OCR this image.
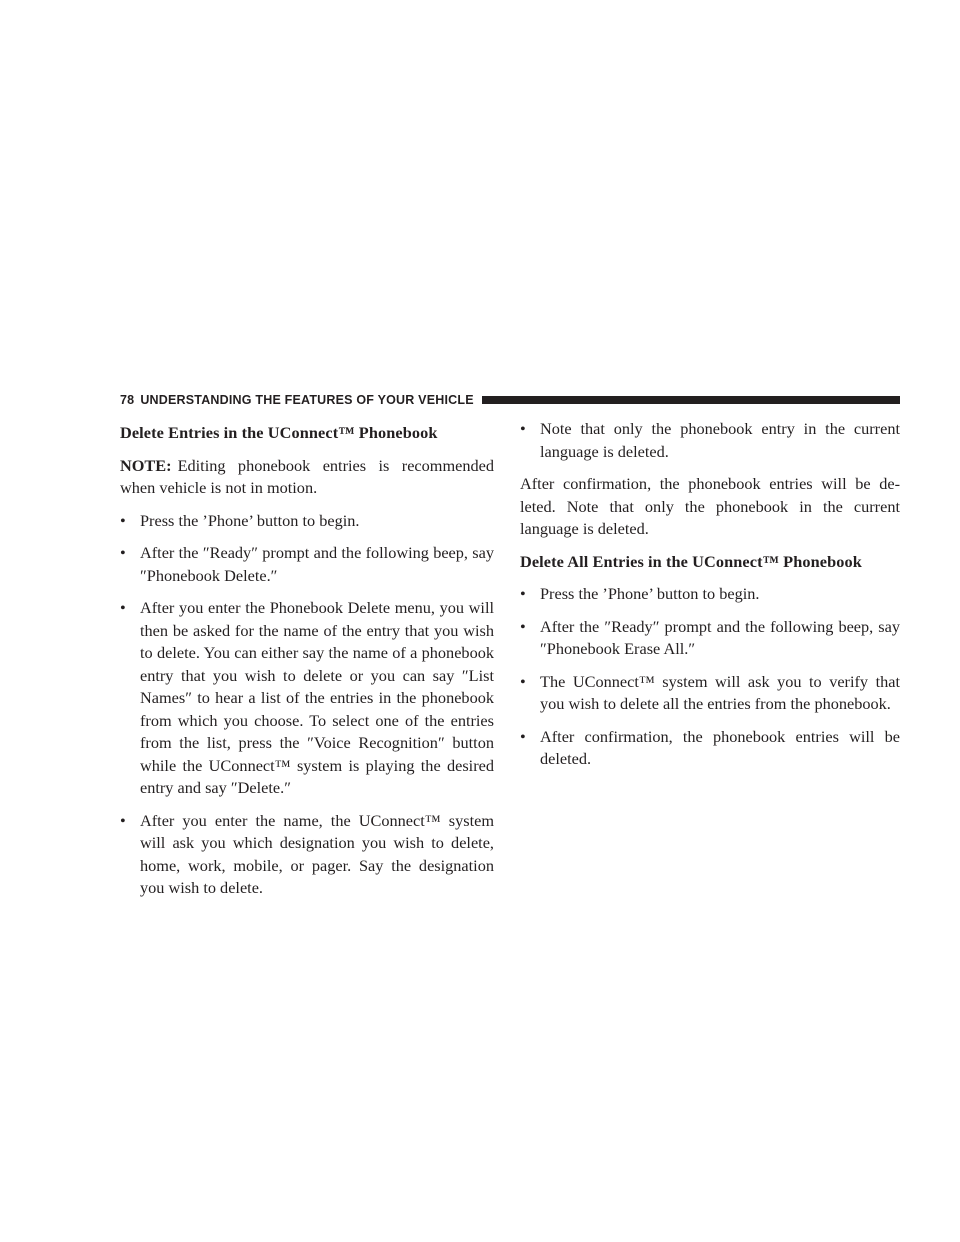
78 UNDERSTANDING THE FEATURES OF YOUR VEHICLE
Delete Entries in the UConnect™ Phonebook

NOTE: Editing phonebook entries is recommended when vehicle is not in motion.

• Press the ’Phone’ button to begin.
• After the ″Ready″ prompt and the following beep, say ″Phonebook Delete.″
• After you enter the Phonebook Delete menu, you will then be asked for the name of the entry that you wish to delete. You can either say the name of a phonebook entry that you wish to delete or you can say ″List Names″ to hear a list of the entries in the phonebook from which you choose. To select one of the entries from the list, press the ″Voice Recognition″ button while the UConnect™ system is playing the desired entry and say ″Delete.″
• After you enter the name, the UConnect™ system will ask you which designation you wish to delete, home, work, mobile, or pager. Say the designation you wish to delete.
• Note that only the phonebook entry in the current language is deleted.

After confirmation, the phonebook entries will be de-leted. Note that only the phonebook in the current language is deleted.

Delete All Entries in the UConnect™ Phonebook
• Press the ’Phone’ button to begin.
• After the ″Ready″ prompt and the following beep, say ″Phonebook Erase All.″
• The UConnect™ system will ask you to verify that you wish to delete all the entries from the phonebook.
• After confirmation, the phonebook entries will be deleted.
